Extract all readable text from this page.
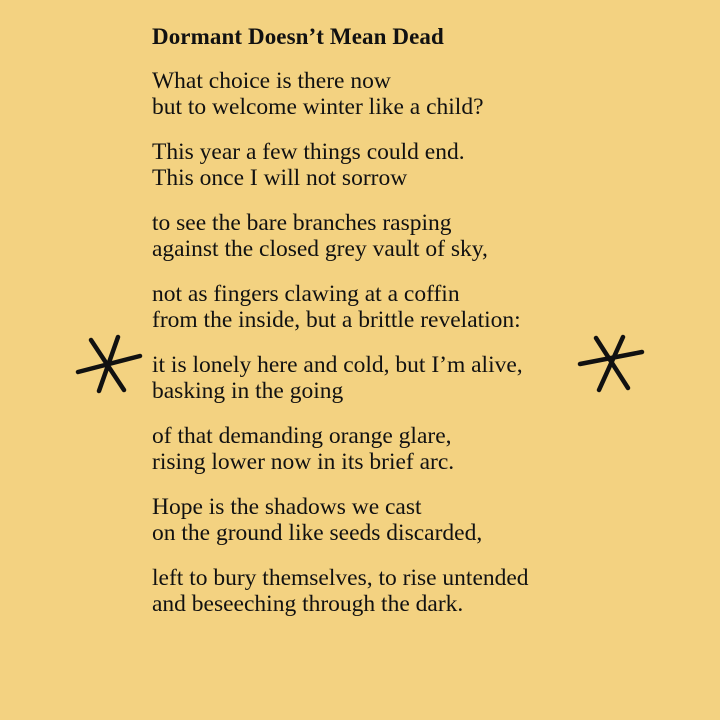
Dormant Doesn’t Mean Dead
What choice is there now
but to welcome winter like a child?
This year a few things could end.
This once I will not sorrow
to see the bare branches rasping
against the closed grey vault of sky,
not as fingers clawing at a coffin
from the inside, but a brittle revelation:
it is lonely here and cold, but I’m alive,
basking in the going
of that demanding orange glare,
rising lower now in its brief arc.
Hope is the shadows we cast
on the ground like seeds discarded,
left to bury themselves, to rise untended
and beseeching through the dark.
